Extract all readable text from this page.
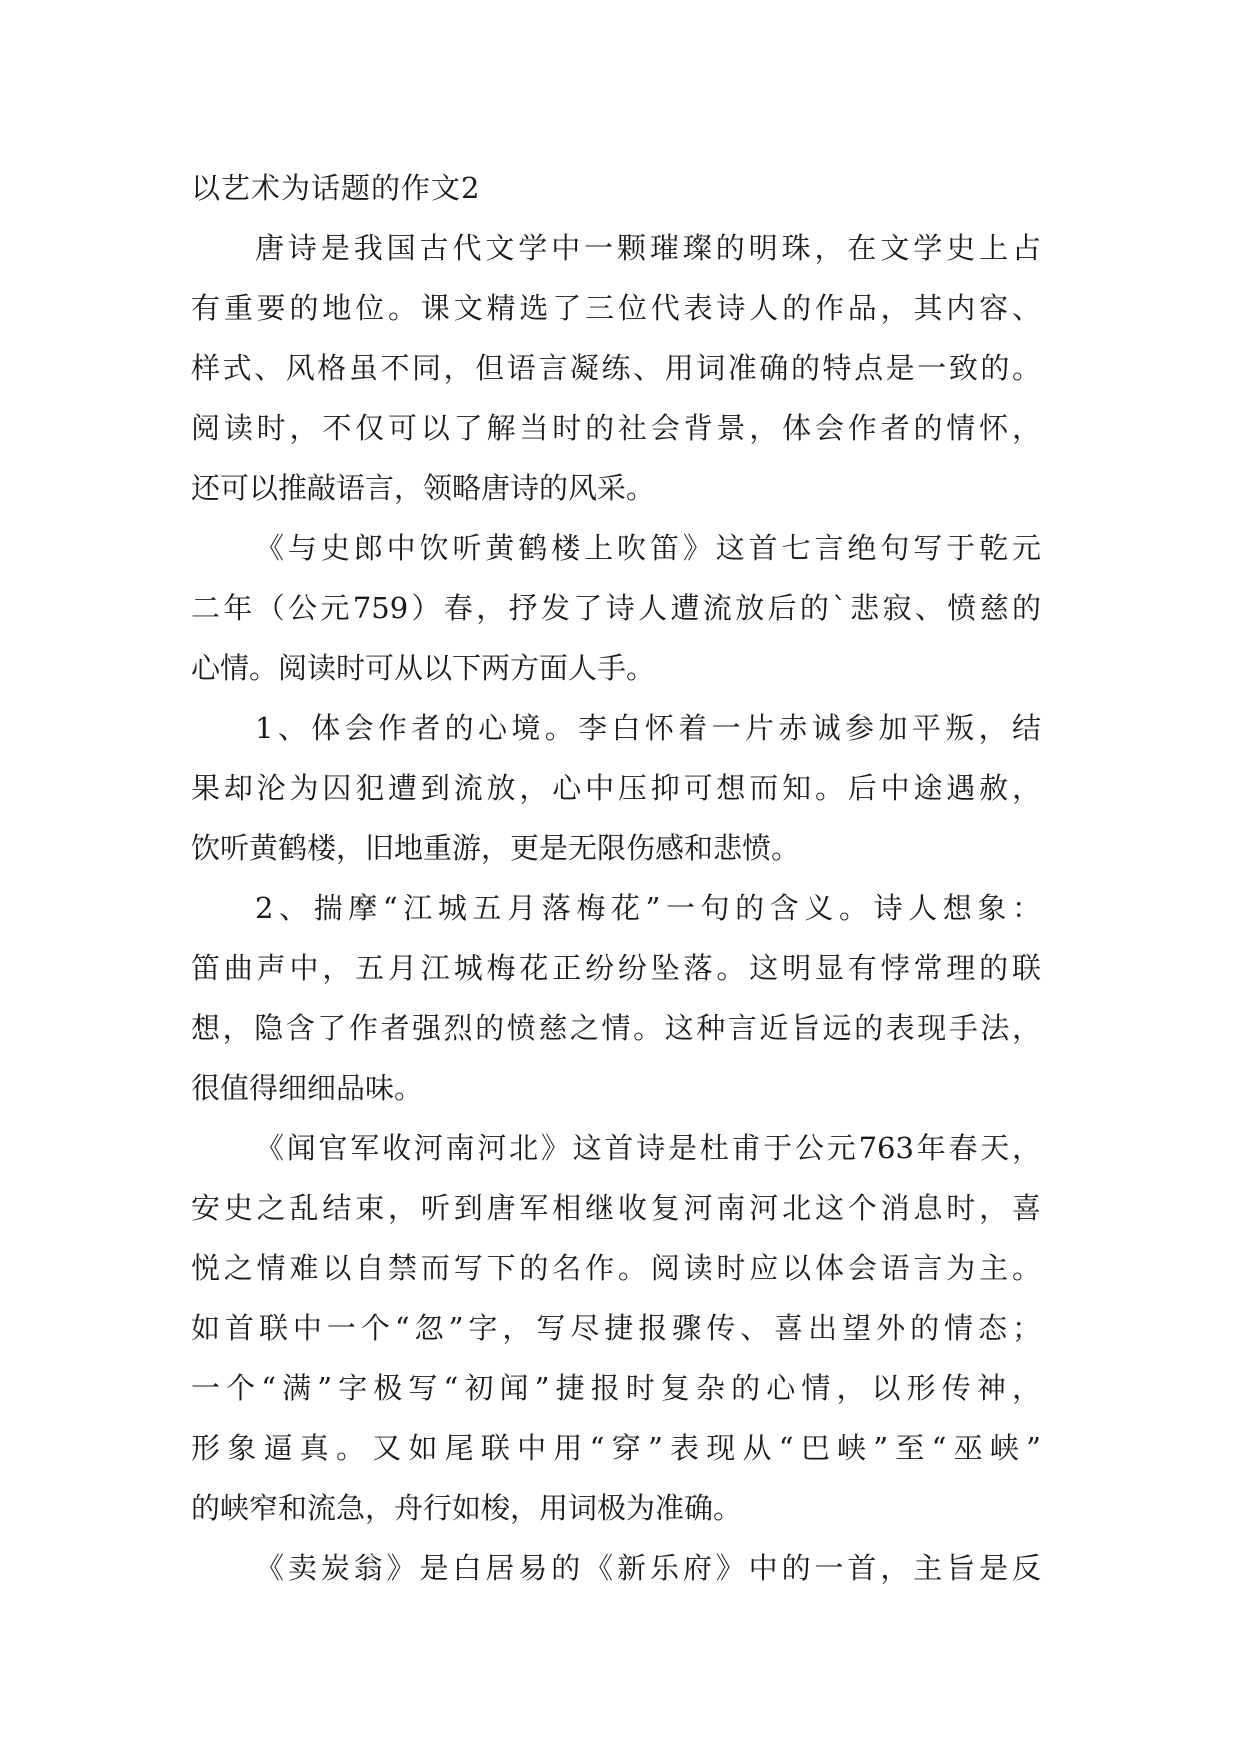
以艺术为话题的作文2
唐诗是我国古代文学中一颗璀璨的明珠，在文学史上占
有重要的地位。课文精选了三位代表诗人的作品，其内容、
样式、风格虽不同，但语言凝练、用词准确的特点是一致的。
阅读时，不仅可以了解当时的社会背景，体会作者的情怀，
还可以推敲语言，领略唐诗的风采。
《与史郎中饮听黄鹤楼上吹笛》这首七言绝句写于乾元
二年（公元759）春，抒发了诗人遭流放后的`悲寂、愤慈的
心情。阅读时可从以下两方面人手。
1、体会作者的心境。李白怀着一片赤诚参加平叛，结
果却沦为囚犯遭到流放，心中压抑可想而知。后中途遇赦，
饮听黄鹤楼，旧地重游，更是无限伤感和悲愤。
2、揣摩“江城五月落梅花”一句的含义。诗人想象：
笛曲声中，五月江城梅花正纷纷坠落。这明显有悖常理的联
想，隐含了作者强烈的愤慈之情。这种言近旨远的表现手法，
很值得细细品味。
《闻官军收河南河北》这首诗是杜甫于公元763年春天，
安史之乱结束，听到唐军相继收复河南河北这个消息时，喜
悦之情难以自禁而写下的名作。阅读时应以体会语言为主。
如首联中一个“忽”字，写尽捷报骤传、喜出望外的情态；
一个“满”字极写“初闻”捷报时复杂的心情，以形传神，
形象逼真。又如尾联中用“穿”表现从“巴峡”至“巫峡”
的峡窄和流急，舟行如梭，用词极为准确。
《卖炭翁》是白居易的《新乐府》中的一首，主旨是反
